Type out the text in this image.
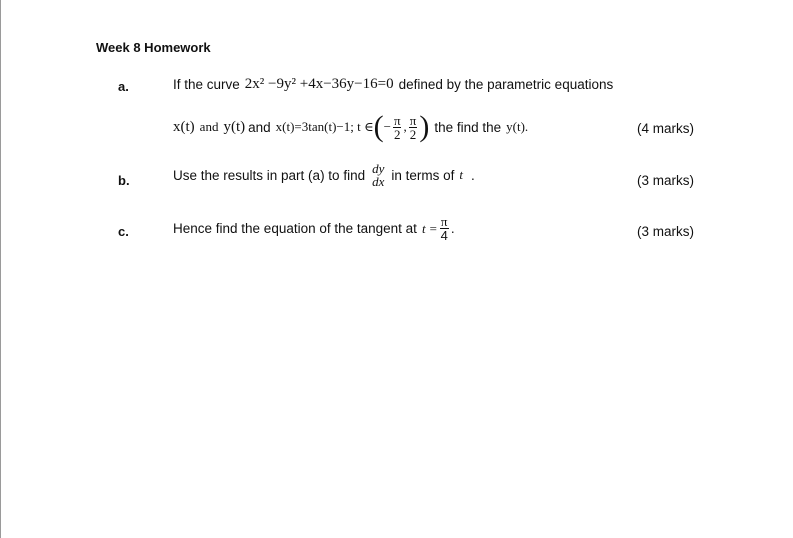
Week 8 Homework
a.	If the curve 2x² −9y² +4x−36y−16=0 defined by the parametric equations
x(t) and y(t) and x(t)=3tan(t)−1; t ∈ ( − $\frac{\pi}{2}$ , $\frac{\pi}{2}$ ) the find the y(t).	(4 marks)
b.	Use the results in part (a) to find dy
dx in terms of t .	(3 marks)
c.	Hence find the equation of the tangent at $t = \frac{\pi}{4}$ .	(3 marks)
